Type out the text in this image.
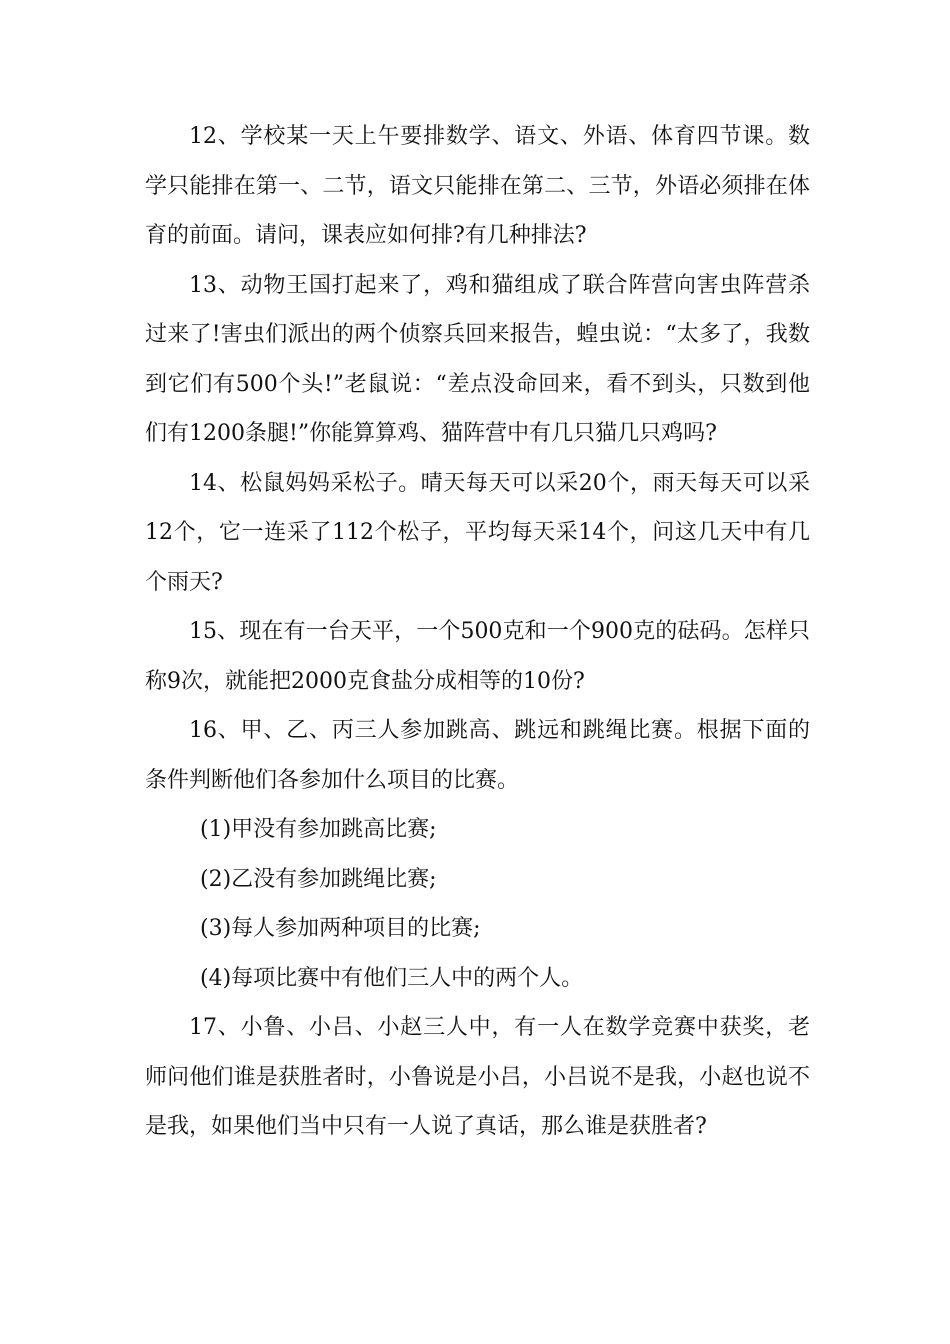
12、学校某一天上午要排数学、语文、外语、体育四节课。数学只能排在第一、二节，语文只能排在第二、三节，外语必须排在体育的前面。请问，课表应如何排?有几种排法?

13、动物王国打起来了，鸡和猫组成了联合阵营向害虫阵营杀过来了!害虫们派出的两个侦察兵回来报告，蝗虫说：“太多了，我数到它们有500个头!”老鼠说：“差点没命回来，看不到头，只数到他们有1200条腿!”你能算算鸡、猫阵营中有几只猫几只鸡吗?

14、松鼠妈妈采松子。晴天每天可以采20个，雨天每天可以采12个，它一连采了112个松子，平均每天采14个，问这几天中有几个雨天?

15、现在有一台天平，一个500克和一个900克的砝码。怎样只称9次，就能把2000克食盐分成相等的10份?

16、甲、乙、丙三人参加跳高、跳远和跳绳比赛。根据下面的条件判断他们各参加什么项目的比赛。

(1)甲没有参加跳高比赛;

(2)乙没有参加跳绳比赛;

(3)每人参加两种项目的比赛;

(4)每项比赛中有他们三人中的两个人。

17、小鲁、小吕、小赵三人中，有一人在数学竞赛中获奖，老师问他们谁是获胜者时，小鲁说是小吕，小吕说不是我，小赵也说不是我，如果他们当中只有一人说了真话，那么谁是获胜者?
